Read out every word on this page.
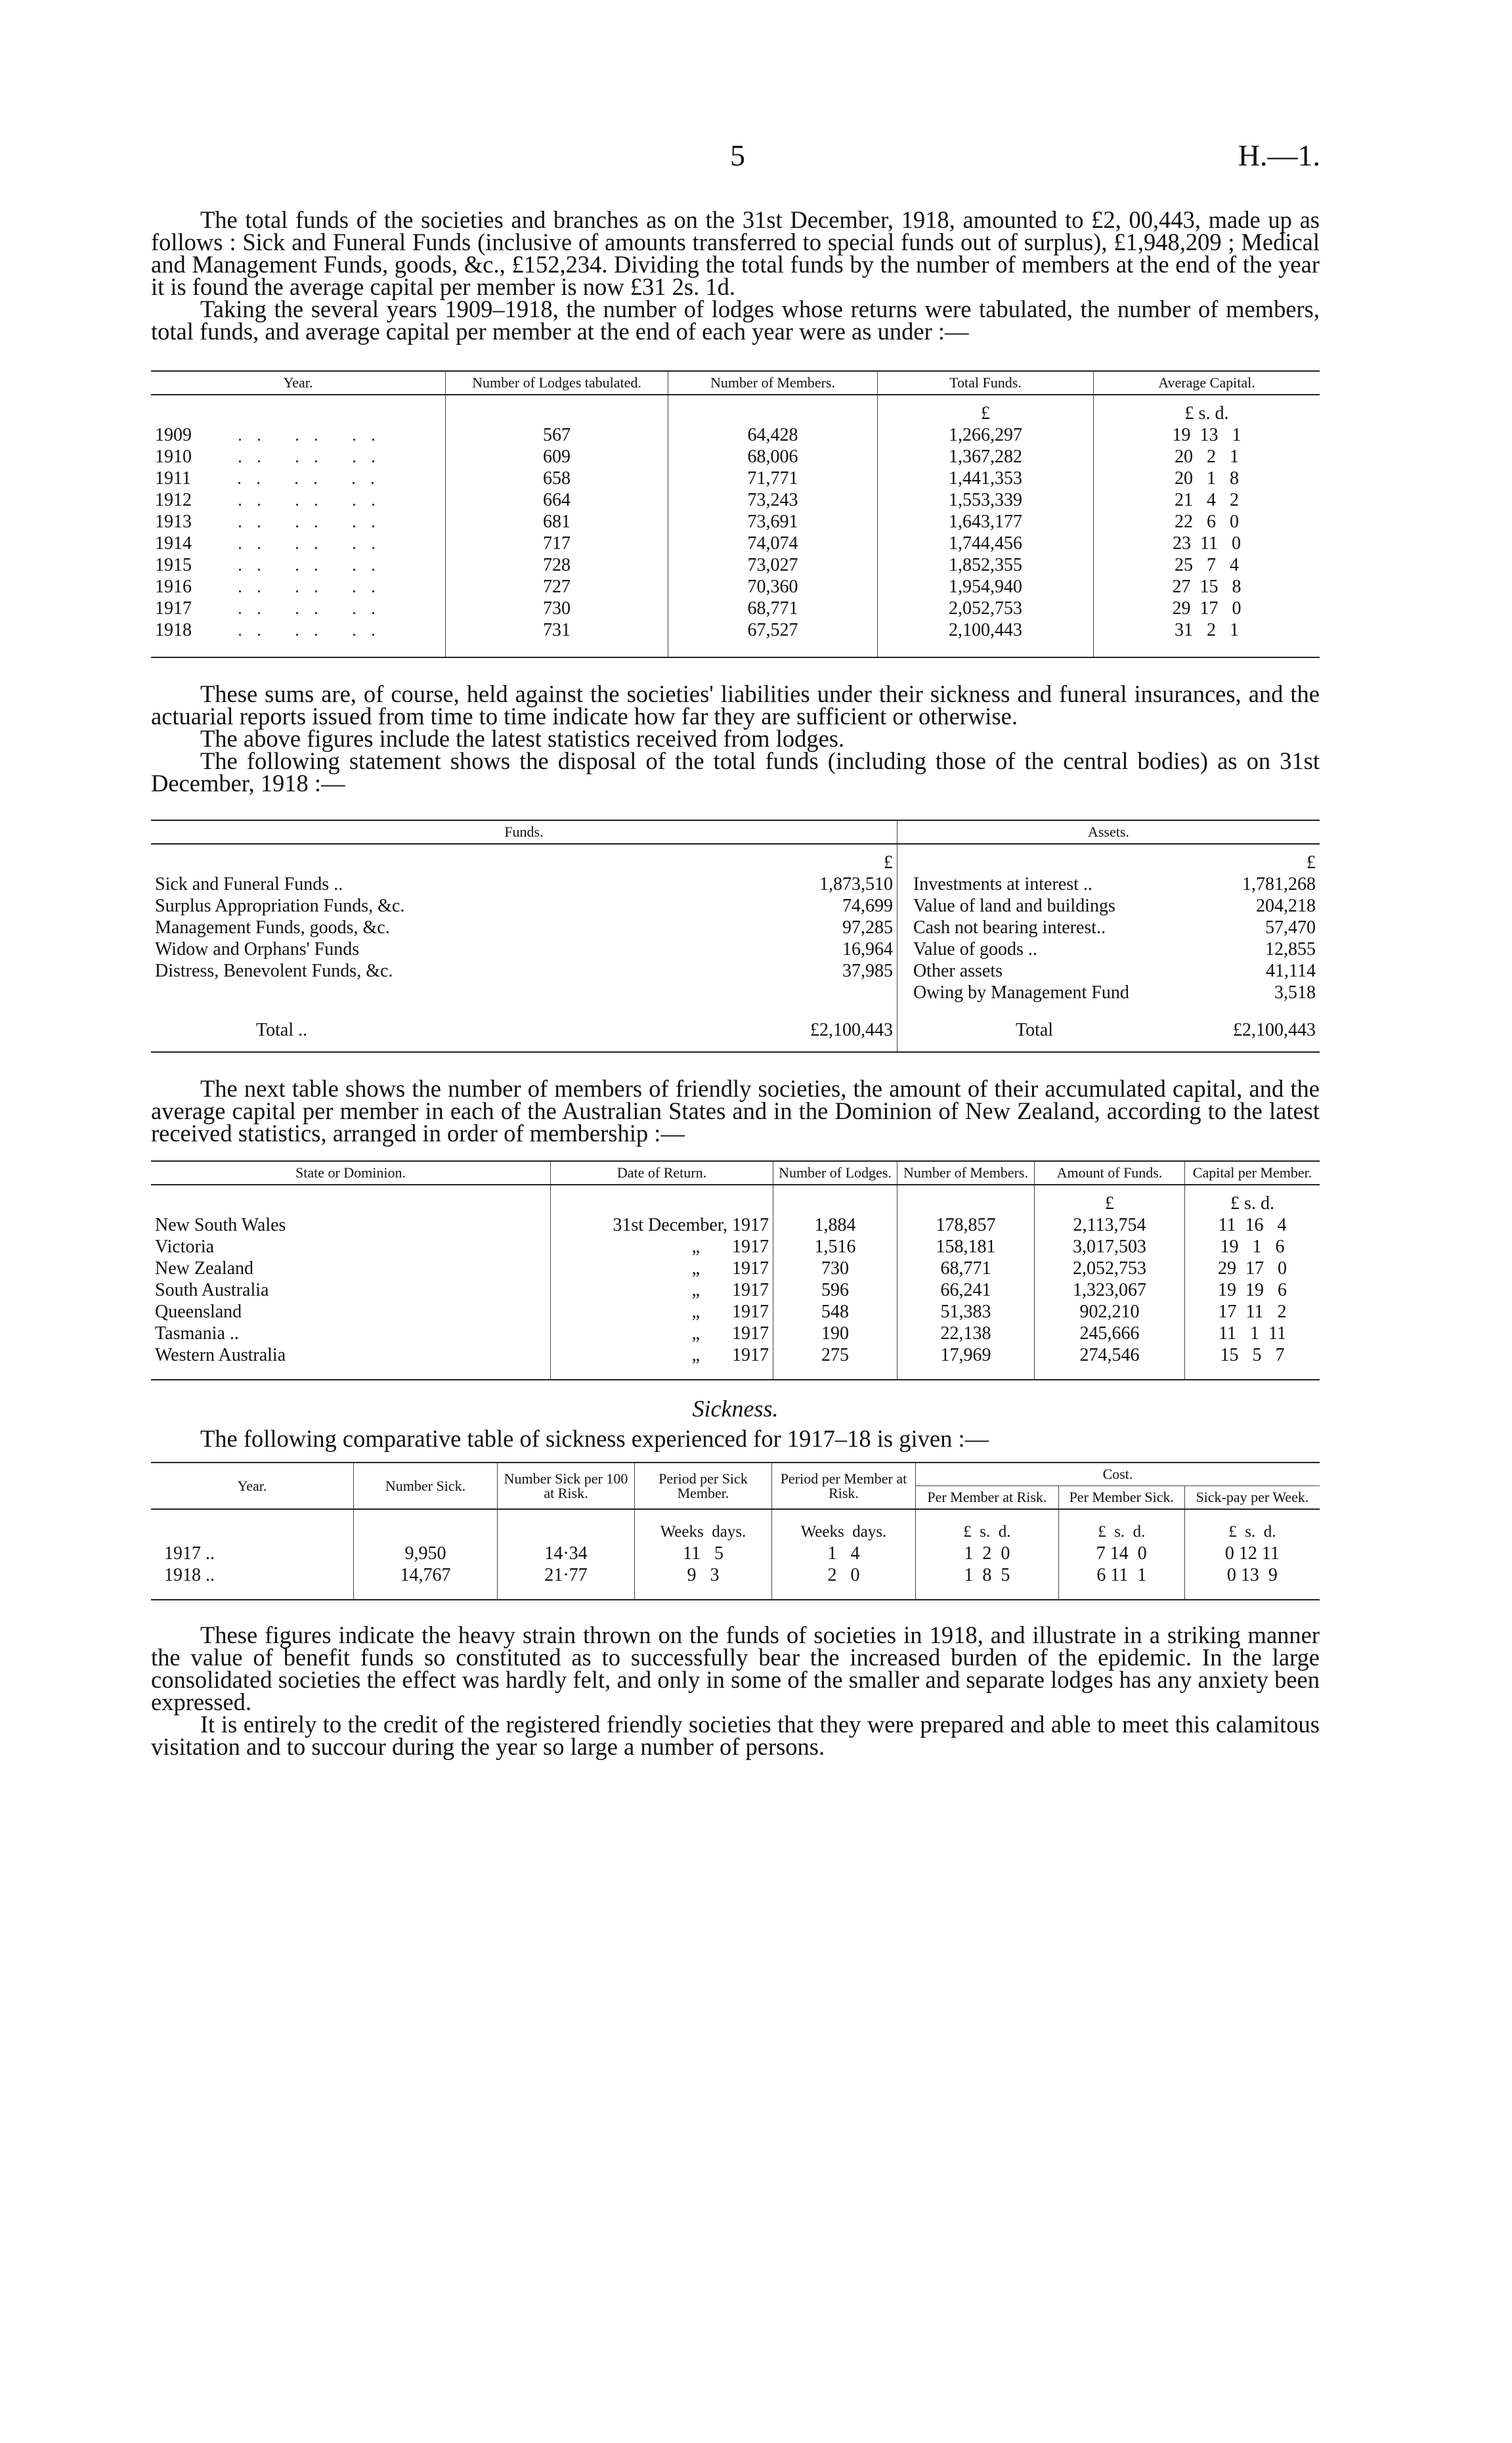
5	H.—1.

The total funds of the societies and branches as on the 31st December, 1918, amounted to £2, 00,443, made up as follows : Sick and Funeral Funds (inclusive of amounts transferred to special funds out of surplus), £1,948,209 ; Medical and Management Funds, goods, &c., £152,234. Dividing the total funds by the number of members at the end of the year it is found the average capital per member is now £31 2s. 1d.

Taking the several years 1909–1918, the number of lodges whose returns were tabulated, the number of members, total funds, and average capital per member at the end of each year were as under :—

Year.	Number of Lodges tabulated.	Number of Members.	Total Funds.	Average Capital.

			£	£ s. d.
1909 .. .. ..	567	64,428	1,266,297	19  13   1
1910 .. .. ..	609	68,006	1,367,282	20   2   1
1911 .. .. ..	658	71,771	1,441,353	20   1   8
1912 .. .. ..	664	73,243	1,553,339	21   4   2
1913 .. .. ..	681	73,691	1,643,177	22   6   0
1914 .. .. ..	717	74,074	1,744,456	23  11   0
1915 .. .. ..	728	73,027	1,852,355	25   7   4
1916 .. .. ..	727	70,360	1,954,940	27  15   8
1917 .. .. ..	730	68,771	2,052,753	29  17   0
1918 .. .. ..	731	67,527	2,100,443	31   2   1

These sums are, of course, held against the societies' liabilities under their sickness and funeral insurances, and the actuarial reports issued from time to time indicate how far they are sufficient or otherwise.

The above figures include the latest statistics received from lodges.

The following statement shows the disposal of the total funds (including those of the central bodies) as on 31st December, 1918 :—

Funds.		Assets.	

	£		£
Sick and Funeral Funds ..	1,873,510	Investments at interest ..	1,781,268
Surplus Appropriation Funds, &c.	74,699	Value of land and buildings	204,218
Management Funds, goods, &c.	97,285	Cash not bearing interest..	57,470
Widow and Orphans' Funds	16,964	Value of goods ..	12,855
Distress, Benevolent Funds, &c.	37,985	Other assets	41,114
		Owing by Management Fund	3,518

Total ..	£2,100,443	Total	£2,100,443

The next table shows the number of members of friendly societies, the amount of their accumulated capital, and the average capital per member in each of the Australian States and in the Dominion of New Zealand, according to the latest received statistics, arranged in order of membership :—

State or Dominion.	Date of Return.	Number of Lodges.	Number of Members.	Amount of Funds.	Capital per Member.

				£	£ s. d.
New South Wales	31st December, 1917	1,884	178,857	2,113,754	11  16   4
Victoria	„       1917	1,516	158,181	3,017,503	19   1   6
New Zealand	„       1917	730	68,771	2,052,753	29  17   0
South Australia	„       1917	596	66,241	1,323,067	19  19   6
Queensland	„       1917	548	51,383	902,210	17  11   2
Tasmania ..	„       1917	190	22,138	245,666	11   1  11
Western Australia	„       1917	275	17,969	274,546	15   5   7

Sickness.

The following comparative table of sickness experienced for 1917–18 is given :—

Year.	Number Sick.	Number Sick per 100 at Risk.	Period per Sick Member.	Period per Member at Risk.	Cost.		
					Per Member at Risk.	Per Member Sick.	Sick-pay per Week.

			Weeks  days.	Weeks  days.	£  s.  d.	£  s.  d.	£  s.  d.
1917 ..	9,950	14·34	11   5	1   4	1  2  0	7 14  0	0 12 11
1918 ..	14,767	21·77	9   3	2   0	1  8  5	6 11  1	0 13  9

These figures indicate the heavy strain thrown on the funds of societies in 1918, and illustrate in a striking manner the value of benefit funds so constituted as to successfully bear the increased burden of the epidemic. In the large consolidated societies the effect was hardly felt, and only in some of the smaller and separate lodges has any anxiety been expressed.

It is entirely to the credit of the registered friendly societies that they were prepared and able to meet this calamitous visitation and to succour during the year so large a number of persons.
